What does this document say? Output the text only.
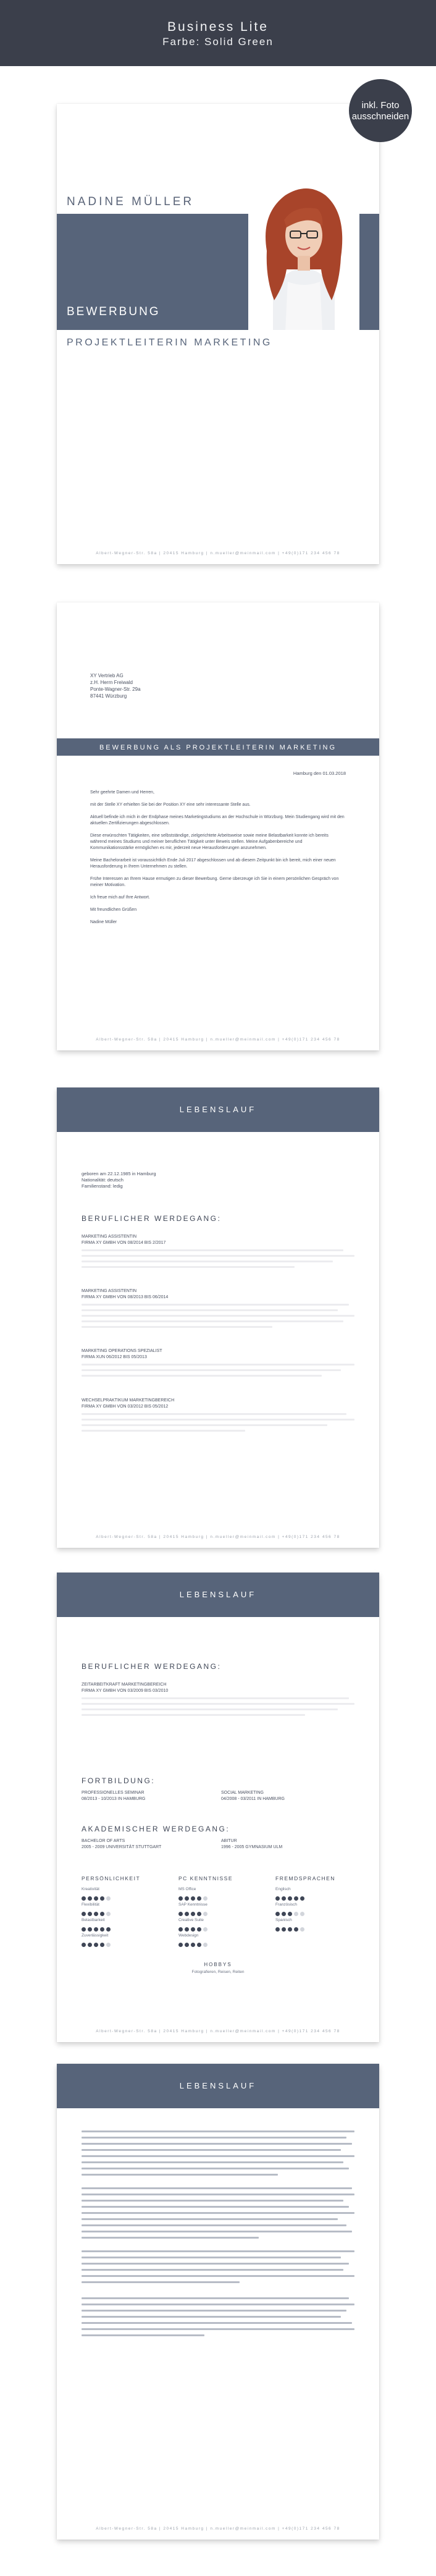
Business Lite
Farbe: Solid Green
inkl. Foto
ausschneiden
BEWERBUNG
NADINE MÜLLER
PROJEKTLEITERIN MARKETING
Albert-Wegner-Str. 58a | 20415 Hamburg | n.mueller@meinmail.com | +49(0)171 234 456 78
XY Vertrieb AG
z.H. Herrn Freiwald
Ponte-Wagner-Str. 29a
87441 Würzburg
BEWERBUNG ALS PROJEKTLEITERIN MARKETING
Hamburg den 01.03.2018

Sehr geehrte Damen und Herren,

mit der Stelle XY erhielten Sie bei der Position XY eine sehr interessante Stelle aus.

Aktuell befinde ich mich in der Endphase meines Marketingstudiums an der Hochschule in Würzburg. Mein Studiengang wird mit den aktuellen Zertifizierungen abgeschlossen.

Diese erwünschten Tätigkeiten, eine selbstständige, zielgerichtete Arbeitsweise sowie meine Belastbarkeit konnte ich bereits während meines Studiums und meiner beruflichen Tätigkeit unter Beweis stellen. Meine Aufgabenbereiche und Kommunikationsstärke ermöglichen es mir, jederzeit neue Herausforderungen anzunehmen.

Meine Bachelorarbeit ist voraussichtlich Ende Juli 2017 abgeschlossen und ab diesem Zeitpunkt bin ich bereit, mich einer neuen Herausforderung in Ihrem Unternehmen zu stellen.

Frühe Interessen an Ihrem Hause ermutigen zu dieser Bewerbung. Gerne überzeuge ich Sie in einem persönlichen Gespräch von meiner Motivation.

Ich freue mich auf Ihre Antwort.

Mit freundlichen Grüßen

Nadine Müller

Albert-Wegner-Str. 58a | 20415 Hamburg | n.mueller@meinmail.com | +49(0)171 234 456 78
LEBENSLAUF
geboren am 22.12.1985 in Hamburg
Nationalität: deutsch
Familienstand: ledig
BERUFLICHER WERDEGANG:
MARKETING ASSISTENTIN
FIRMA XY GMBH VON 08/2014 BIS 2/2017
MARKETING ASSISTENTIN
FIRMA XY GMBH VON 08/2013 BIS 06/2014
MARKETING OPERATIONS SPEZIALIST
FIRMA XUN 06/2012 BIS 05/2013
WECHSELPRAKTIKUM MARKETINGBEREICH
FIRMA XY GMBH VON 03/2012 BIS 05/2012
Albert-Wegner-Str. 58a | 20415 Hamburg | n.mueller@meinmail.com | +49(0)171 234 456 78
LEBENSLAUF
BERUFLICHER WERDEGANG:
ZEITARBEITKRAFT MARKETINGBEREICH
FIRMA XY GMBH VON 03/2009 BIS 03/2010
FORTBILDUNG:
PROFESSIONELLES SEMINAR
08/2013 - 10/2013 IN HAMBURG
SOCIAL MARKETING
04/2008 - 03/2011 IN HAMBURG
AKADEMISCHER WERDEGANG:
BACHELOR OF ARTS
2005 - 2009 UNIVERSITÄT STUTTGART
ABITUR
1996 - 2005 GYMNASIUM ULM
PERSÖNLICHKEIT
Kreativität
Flexibilität
Belastbarkeit
Zuverlässigkeit
PC KENNTNISSE
MS Office
SAP Kenntnisse
Creative Suite
Webdesign
FREMDSPRACHEN
Englisch
Französisch
Spanisch
HOBBYS
Fotografieren, Reisen, Reiten
Albert-Wegner-Str. 58a | 20415 Hamburg | n.mueller@meinmail.com | +49(0)171 234 456 78
LEBENSLAUF
Albert-Wegner-Str. 58a | 20415 Hamburg | n.mueller@meinmail.com | +49(0)171 234 456 78
